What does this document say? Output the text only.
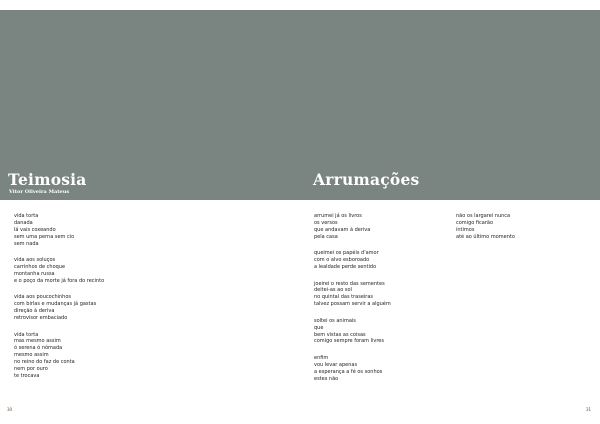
Teimosia
Vitor Oliveira Mateus
Arrumações
vida torta
danada
lá vais coxeando
sem uma perna sem cio
sem nada
vida aos soluços
carrinhos de choque
montanha russa
e o poço da morte já fora do recinto
vida aos poucochinhos
com birlas e mudanças já gastas
direção à deriva
retrovisor embaciado
vida torta
mas mesmo assim
ó serena ó nómada
mesmo assim
no reino do faz de conta
nem por ouro
te trocava
arrumei já os livros
os versos
que andavam à deriva
pela casa
queimei os papéis d'amor
com o alvo esboroado
a lealdade perde sentido
joeirei o resto das sementes
deitei-as ao sol
no quintal das traseiras
talvez possam servir a alguém
soltei os animais
que
bem vistas as coisas
comigo sempre foram livres
enfim
vou levar apenas
a esperança a fé os sonhos
estes não
não os largarei nunca
comigo ficarão
íntimos
até ao último momento
30	31
